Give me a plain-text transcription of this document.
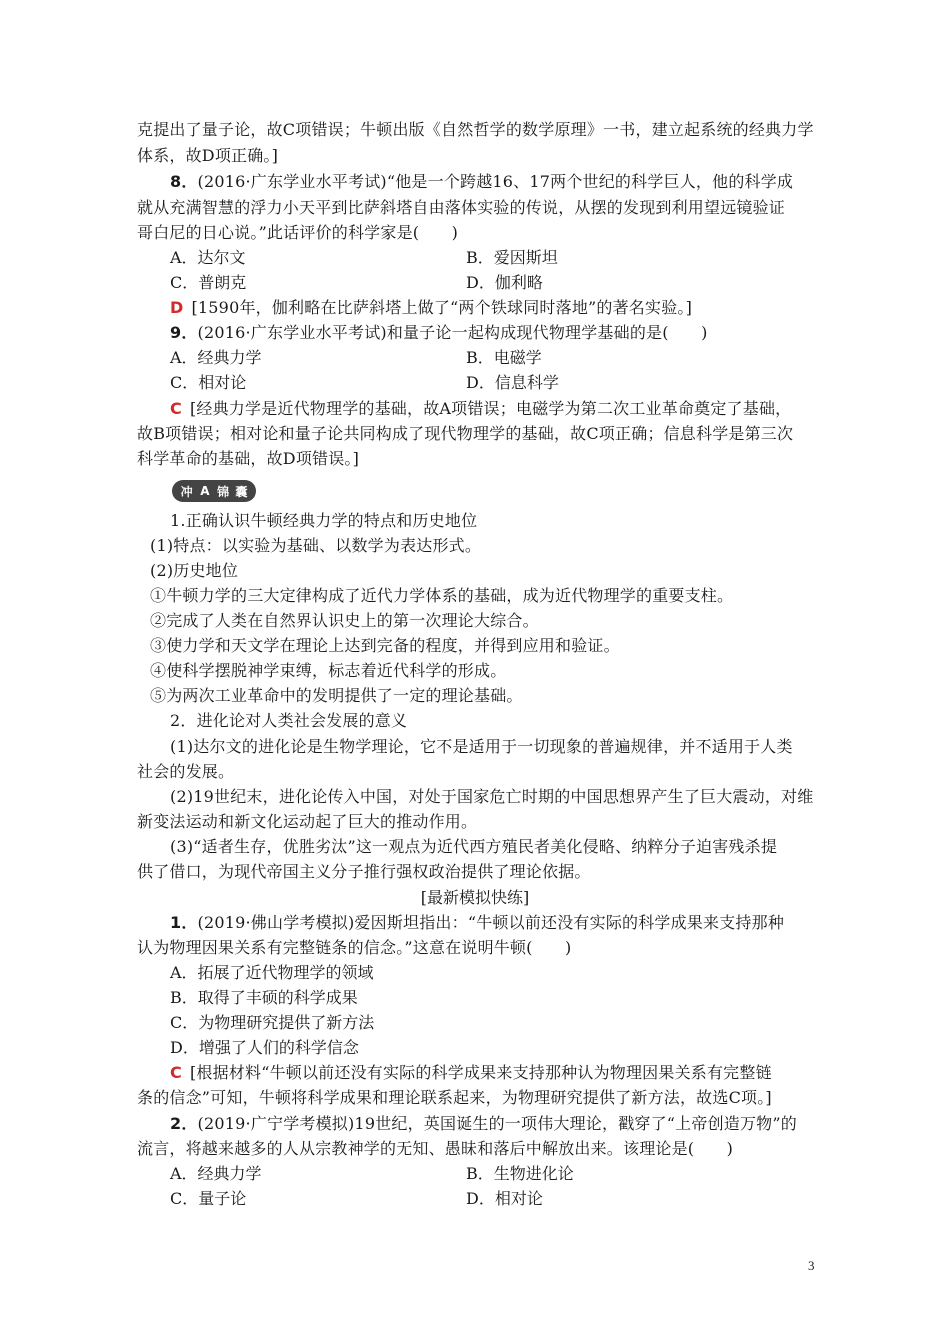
克提出了量子论，故C项错误；牛顿出版《自然哲学的数学原理》一书，建立起系统的经典力学
体系，故D项正确。]
8．(2016·广东学业水平考试)“他是一个跨越16、17两个世纪的科学巨人，他的科学成
就从充满智慧的浮力小天平到比萨斜塔自由落体实验的传说，从摆的发现到利用望远镜验证
哥白尼的日心说。”此话评价的科学家是(　　)
A．达尔文	B．爱因斯坦
C．普朗克	D．伽利略
D [1590年，伽利略在比萨斜塔上做了“两个铁球同时落地”的著名实验。]
9．(2016·广东学业水平考试)和量子论一起构成现代物理学基础的是(　　)
A．经典力学	B．电磁学
C．相对论	D．信息科学
C [经典力学是近代物理学的基础，故A项错误；电磁学为第二次工业革命奠定了基础，
故B项错误；相对论和量子论共同构成了现代物理学的基础，故C项正确；信息科学是第三次
科学革命的基础，故D项错误。]
冲 A 锦 囊
1.正确认识牛顿经典力学的特点和历史地位
(1)特点：以实验为基础、以数学为表达形式。
(2)历史地位
①牛顿力学的三大定律构成了近代力学体系的基础，成为近代物理学的重要支柱。
②完成了人类在自然界认识史上的第一次理论大综合。
③使力学和天文学在理论上达到完备的程度，并得到应用和验证。
④使科学摆脱神学束缚，标志着近代科学的形成。
⑤为两次工业革命中的发明提供了一定的理论基础。
2．进化论对人类社会发展的意义
(1)达尔文的进化论是生物学理论，它不是适用于一切现象的普遍规律，并不适用于人类
社会的发展。
(2)19世纪末，进化论传入中国，对处于国家危亡时期的中国思想界产生了巨大震动，对维
新变法运动和新文化运动起了巨大的推动作用。
(3)“适者生存，优胜劣汰”这一观点为近代西方殖民者美化侵略、纳粹分子迫害残杀提
供了借口，为现代帝国主义分子推行强权政治提供了理论依据。
[最新模拟快练]
1．(2019·佛山学考模拟)爱因斯坦指出：“牛顿以前还没有实际的科学成果来支持那种
认为物理因果关系有完整链条的信念。”这意在说明牛顿(　　)
A．拓展了近代物理学的领域
B．取得了丰硕的科学成果
C．为物理研究提供了新方法
D．增强了人们的科学信念
C [根据材料“牛顿以前还没有实际的科学成果来支持那种认为物理因果关系有完整链
条的信念”可知，牛顿将科学成果和理论联系起来，为物理研究提供了新方法，故选C项。]
2．(2019·广宁学考模拟)19世纪，英国诞生的一项伟大理论，戳穿了“上帝创造万物”的
流言，将越来越多的人从宗教神学的无知、愚昧和落后中解放出来。该理论是(　　)
A．经典力学	B．生物进化论
C．量子论	D．相对论
3
